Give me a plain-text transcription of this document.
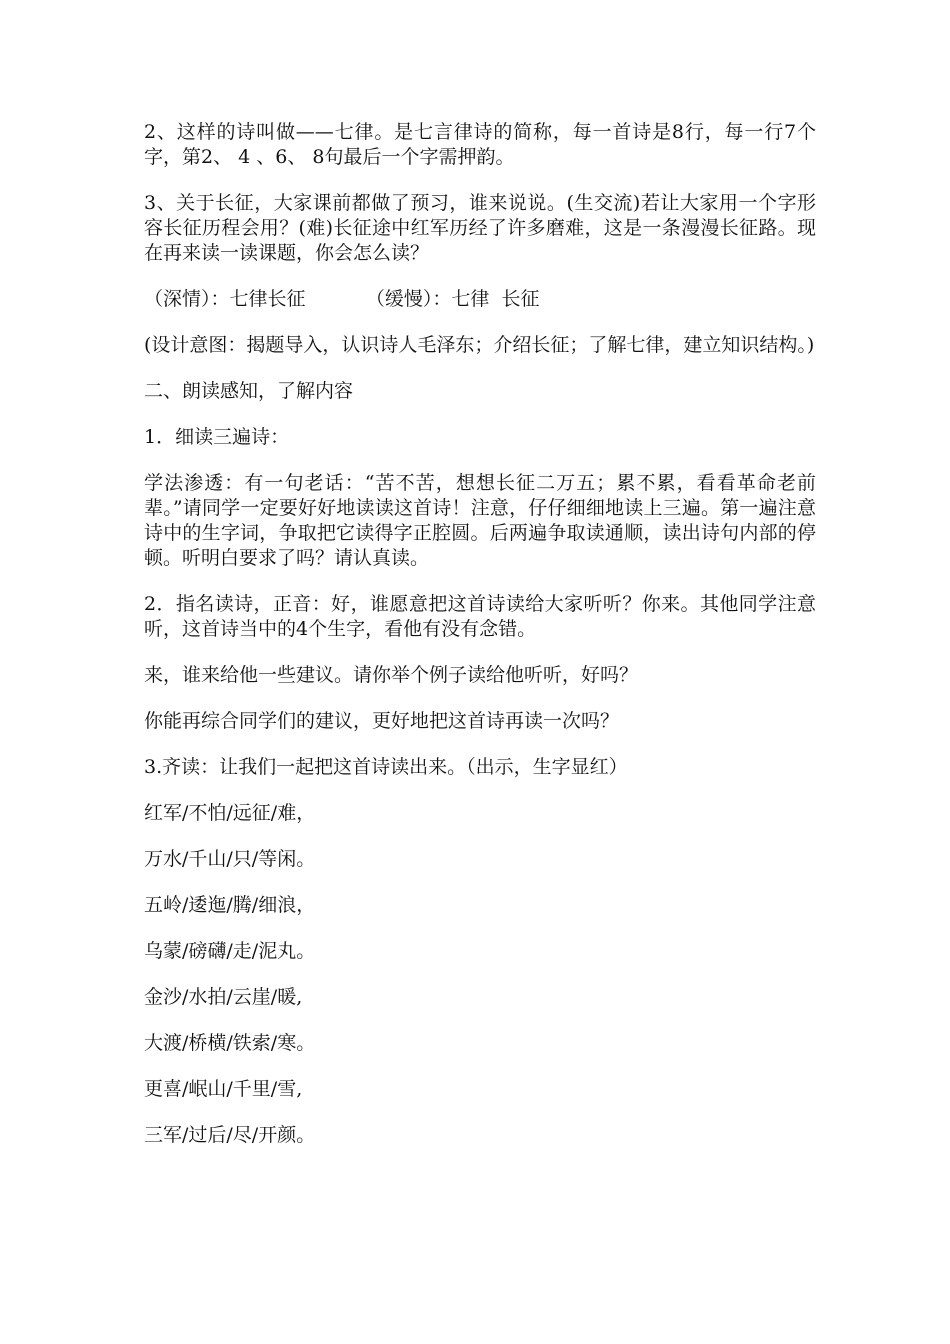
2、这样的诗叫做——七律。是七言律诗的简称，每一首诗是8行，每一行7个字，第2、 4 、6、 8句最后一个字需押韵。

3、关于长征，大家课前都做了预习，谁来说说。(生交流)若让大家用一个字形容长征历程会用？(难)长征途中红军历经了许多磨难，这是一条漫漫长征路。现在再来读一读课题，你会怎么读？

（深情）：七律长征          （缓慢）：七律  长征

(设计意图：揭题导入，认识诗人毛泽东；介绍长征；了解七律，建立知识结构。)

二、朗读感知，了解内容

1．细读三遍诗：

学法渗透：有一句老话：“苦不苦，想想长征二万五；累不累，看看革命老前辈。”请同学一定要好好地读读这首诗！注意，仔仔细细地读上三遍。第一遍注意诗中的生字词，争取把它读得字正腔圆。后两遍争取读通顺，读出诗句内部的停顿。听明白要求了吗？请认真读。

2．指名读诗，正音：好，谁愿意把这首诗读给大家听听？你来。其他同学注意听，这首诗当中的4个生字，看他有没有念错。

来，谁来给他一些建议。请你举个例子读给他听听，好吗？

你能再综合同学们的建议，更好地把这首诗再读一次吗？

3.齐读：让我们一起把这首诗读出来。（出示，生字显红）

红军/不怕/远征/难，

万水/千山/只/等闲。

五岭/逶迤/腾/细浪，

乌蒙/磅礴/走/泥丸。

金沙/水拍/云崖/暖,

大渡/桥横/铁索/寒。

更喜/岷山/千里/雪,

三军/过后/尽/开颜。
